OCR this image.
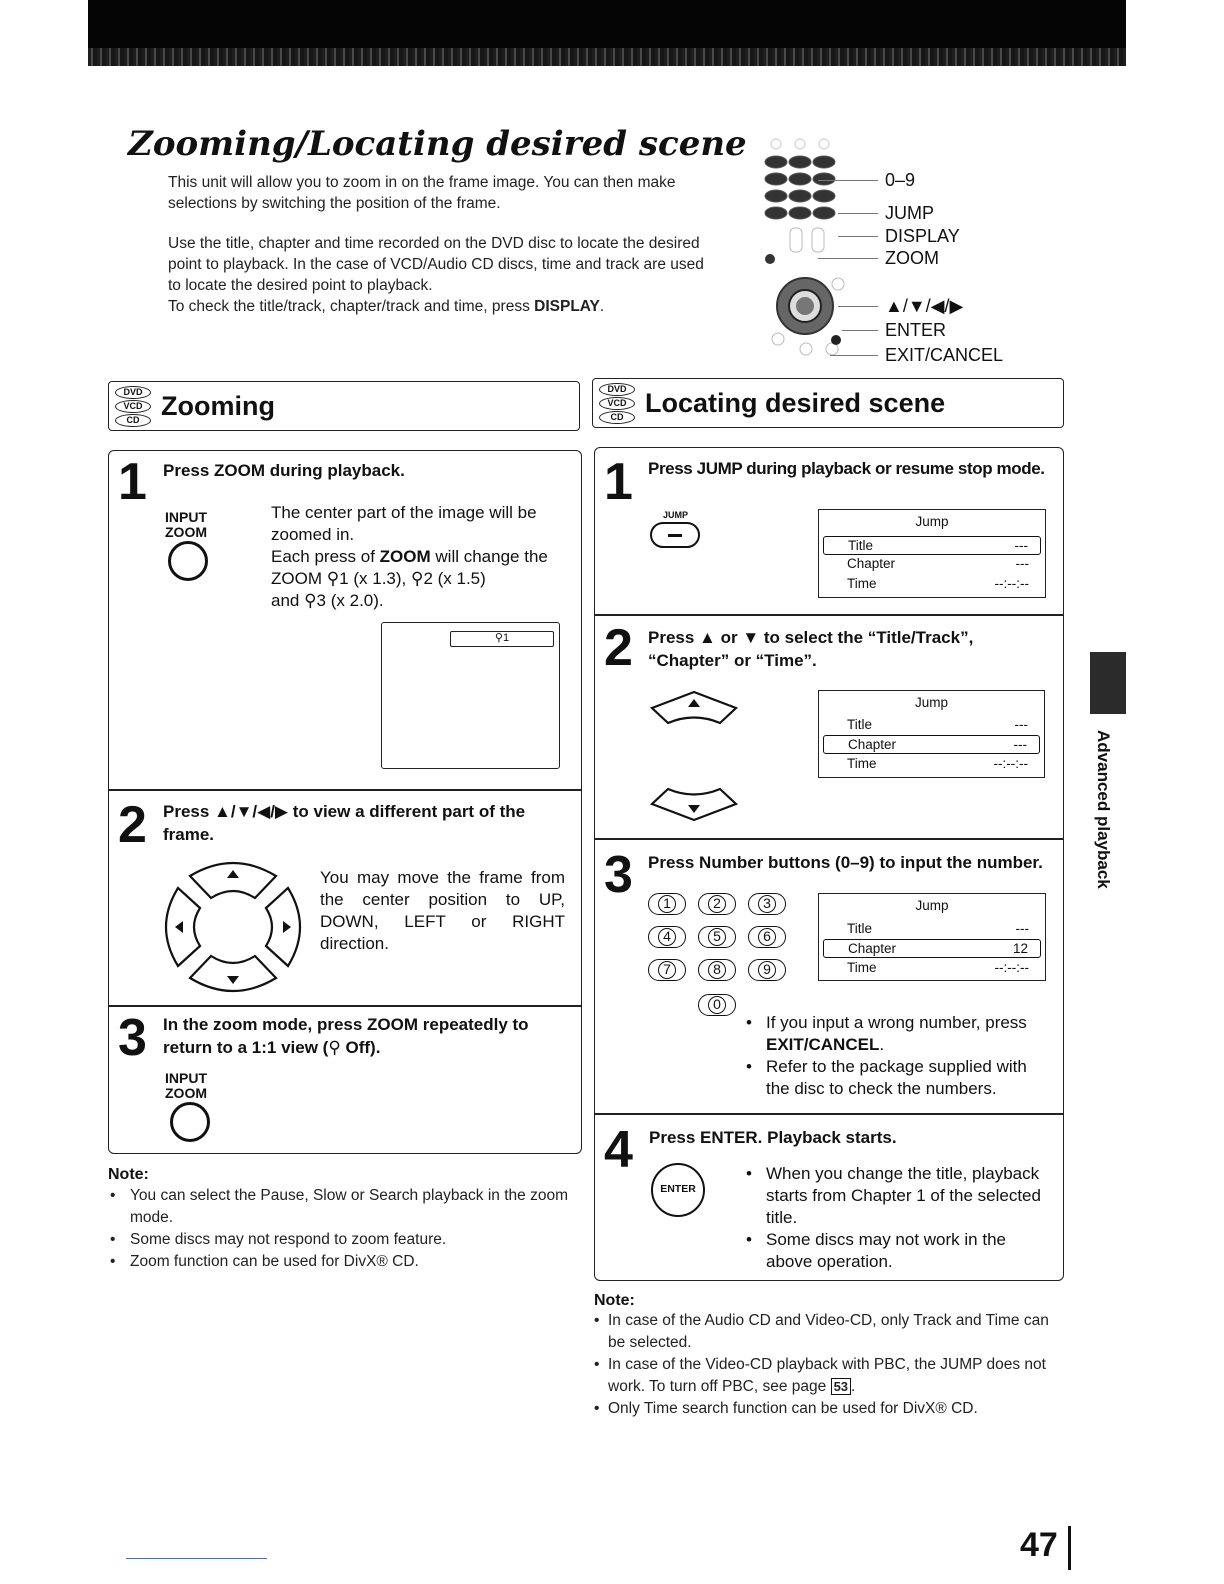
Zooming/Locating desired scene
This unit will allow you to zoom in on the frame image. You can then make selections by switching the position of the frame.
Use the title, chapter and time recorded on the DVD disc to locate the desired point to playback. In the case of VCD/Audio CD discs, time and track are used to locate the desired point to playback.
To check the title/track, chapter/track and time, press DISPLAY.
0–9
JUMP
DISPLAY
ZOOM
▲/▼/◀/▶
ENTER
EXIT/CANCEL
DVD
VCD
CD Zooming
DVD
VCD
CD Locating desired scene
1 Press ZOOM during playback.
INPUT
ZOOM
The center part of the image will be zoomed in.
Each press of ZOOM will change the ZOOM ⚲1 (x 1.3), ⚲2 (x 1.5)
and ⚲3 (x 2.0).
⚲1
2 Press ▲/▼/◀/▶ to view a different part of the frame.
You may move the frame from the center position to UP, DOWN, LEFT or RIGHT direction.
3 In the zoom mode, press ZOOM repeatedly to return to a 1:1 view (⚲ Off).
INPUT
ZOOM
Note:
• You can select the Pause, Slow or Search playback in the zoom mode.
• Some discs may not respond to zoom feature.
• Zoom function can be used for DivX® CD.
1 Press JUMP during playback or resume stop mode.
JUMP	Jump
Title	---
Chapter	---
Time	--:--:--
2 Press ▲ or ▼ to select the “Title/Track”, “Chapter” or “Time”.
Jump
Title	---
Chapter	---
Time	--:--:--
3 Press Number buttons (0–9) to input the number.
1	2	3
4	5	6
7	8	9
0
Jump
Title	---
Chapter	12
Time	--:--:--
• If you input a wrong number, press EXIT/CANCEL.
• Refer to the package supplied with the disc to check the numbers.
4 Press ENTER. Playback starts.
ENTER
• When you change the title, playback starts from Chapter 1 of the selected title.
• Some discs may not work in the above operation.
Note:
• In case of the Audio CD and Video-CD, only Track and Time can be selected.
• In case of the Video-CD playback with PBC, the JUMP does not work. To turn off PBC, see page 53 .
• Only Time search function can be used for DivX® CD.
Advanced playback
47
